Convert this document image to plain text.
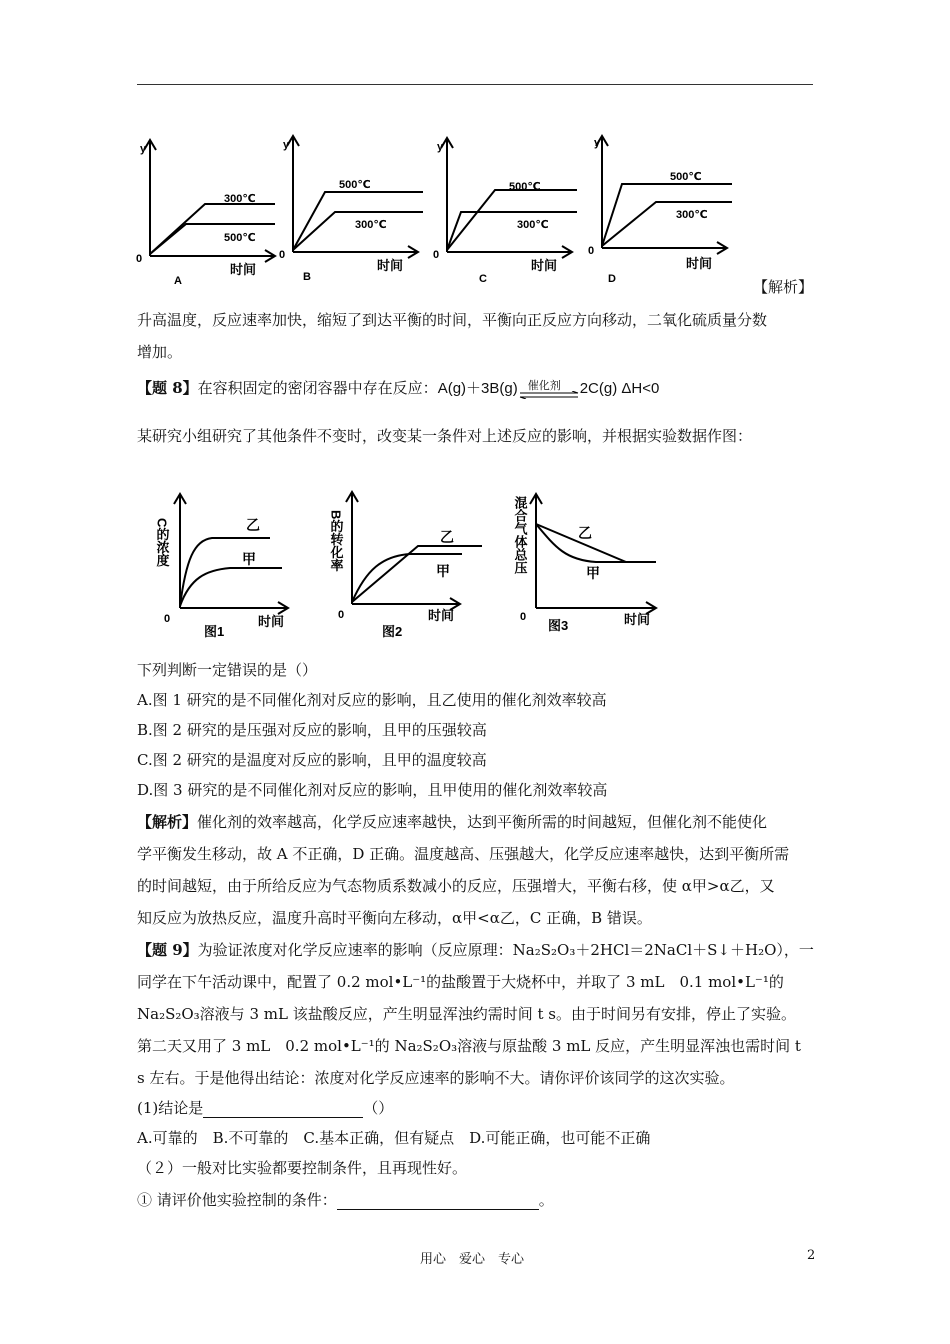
y
0
300℃
500℃
时间
A
y
0
500℃
300℃
时间
B
y
0
500℃
300℃
时间
C
y
0
500℃
300℃
时间
D	【解析】
升高温度，反应速率加快，缩短了到达平衡的时间，平衡向正反应方向移动，二氧化硫质量分数
增加。
【题 8】在容积固定的密闭容器中存在反应：A(g)＋3B(g) 催化剂 2C(g) ΔH<0
某研究小组研究了其他条件不变时，改变某一条件对上述反应的影响，并根据实验数据作图：
C的浓度	乙
甲
0
图1
时间
B的转化率	乙
甲
0
图2
时间
混合气体总压	乙
甲
0
图3	时间
下列判断一定错误的是（）
A.图 1 研究的是不同催化剂对反应的影响，且乙使用的催化剂效率较高
B.图 2 研究的是压强对反应的影响，且甲的压强较高
C.图 2 研究的是温度对反应的影响，且甲的温度较高
D.图 3 研究的是不同催化剂对反应的影响，且甲使用的催化剂效率较高
【解析】催化剂的效率越高，化学反应速率越快，达到平衡所需的时间越短，但催化剂不能使化
学平衡发生移动，故 A 不正确，D 正确。温度越高、压强越大，化学反应速率越快，达到平衡所需
的时间越短，由于所给反应为气态物质系数减小的反应，压强增大，平衡右移，使 α甲>α乙，又
知反应为放热反应，温度升高时平衡向左移动，α甲<α乙，C 正确，B 错误。
【题 9】为验证浓度对化学反应速率的影响（反应原理：Na₂S₂O₃＋2HCl＝2NaCl＋S↓＋H₂O），一
同学在下午活动课中，配置了 0.2 mol•L⁻¹的盐酸置于大烧杯中，并取了 3 mL　0.1 mol•L⁻¹的
Na₂S₂O₃溶液与 3 mL 该盐酸反应，产生明显浑浊约需时间 t s。由于时间另有安排，停止了实验。
第二天又用了 3 mL　0.2 mol•L⁻¹的 Na₂S₂O₃溶液与原盐酸 3 mL 反应，产生明显浑浊也需时间 t
s 左右。于是他得出结论：浓度对化学反应速率的影响不大。请你评价该同学的这次实验。
(1)结论是	（）
A.可靠的　B.不可靠的　C.基本正确，但有疑点　D.可能正确，也可能不正确
（２）一般对比实验都要控制条件，且再现性好。
① 请评价他实验控制的条件：	。
用心　爱心　专心	2
